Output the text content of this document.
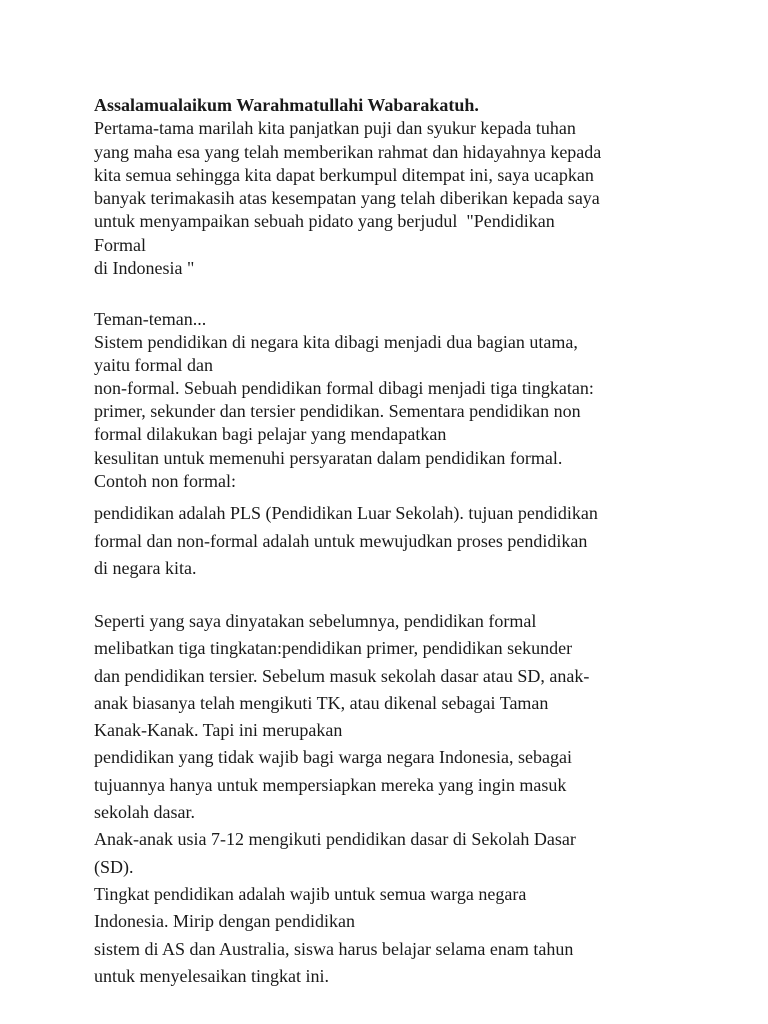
Assalamualaikum Warahmatullahi Wabarakatuh.
Pertama-tama marilah kita panjatkan puji dan syukur kepada tuhan
yang maha esa yang telah memberikan rahmat dan hidayahnya kepada
kita semua sehingga kita dapat berkumpul ditempat ini, saya ucapkan
banyak terimakasih atas kesempatan yang telah diberikan kepada saya
untuk menyampaikan sebuah pidato yang berjudul  "Pendidikan
Formal
di Indonesia "
Teman-teman...
Sistem pendidikan di negara kita dibagi menjadi dua bagian utama,
yaitu formal dan
non-formal. Sebuah pendidikan formal dibagi menjadi tiga tingkatan:
primer, sekunder dan tersier pendidikan. Sementara pendidikan non
formal dilakukan bagi pelajar yang mendapatkan
kesulitan untuk memenuhi persyaratan dalam pendidikan formal.
Contoh non formal:
pendidikan adalah PLS (Pendidikan Luar Sekolah). tujuan pendidikan
formal dan non-formal adalah untuk mewujudkan proses pendidikan
di negara kita.
Seperti yang saya dinyatakan sebelumnya, pendidikan formal
melibatkan tiga tingkatan:pendidikan primer, pendidikan sekunder
dan pendidikan tersier. Sebelum masuk sekolah dasar atau SD, anak-
anak biasanya telah mengikuti TK, atau dikenal sebagai Taman
Kanak-Kanak. Tapi ini merupakan
pendidikan yang tidak wajib bagi warga negara Indonesia, sebagai
tujuannya hanya untuk mempersiapkan mereka yang ingin masuk
sekolah dasar.
Anak-anak usia 7-12 mengikuti pendidikan dasar di Sekolah Dasar
(SD).
Tingkat pendidikan adalah wajib untuk semua warga negara
Indonesia. Mirip dengan pendidikan
sistem di AS dan Australia, siswa harus belajar selama enam tahun
untuk menyelesaikan tingkat ini.
